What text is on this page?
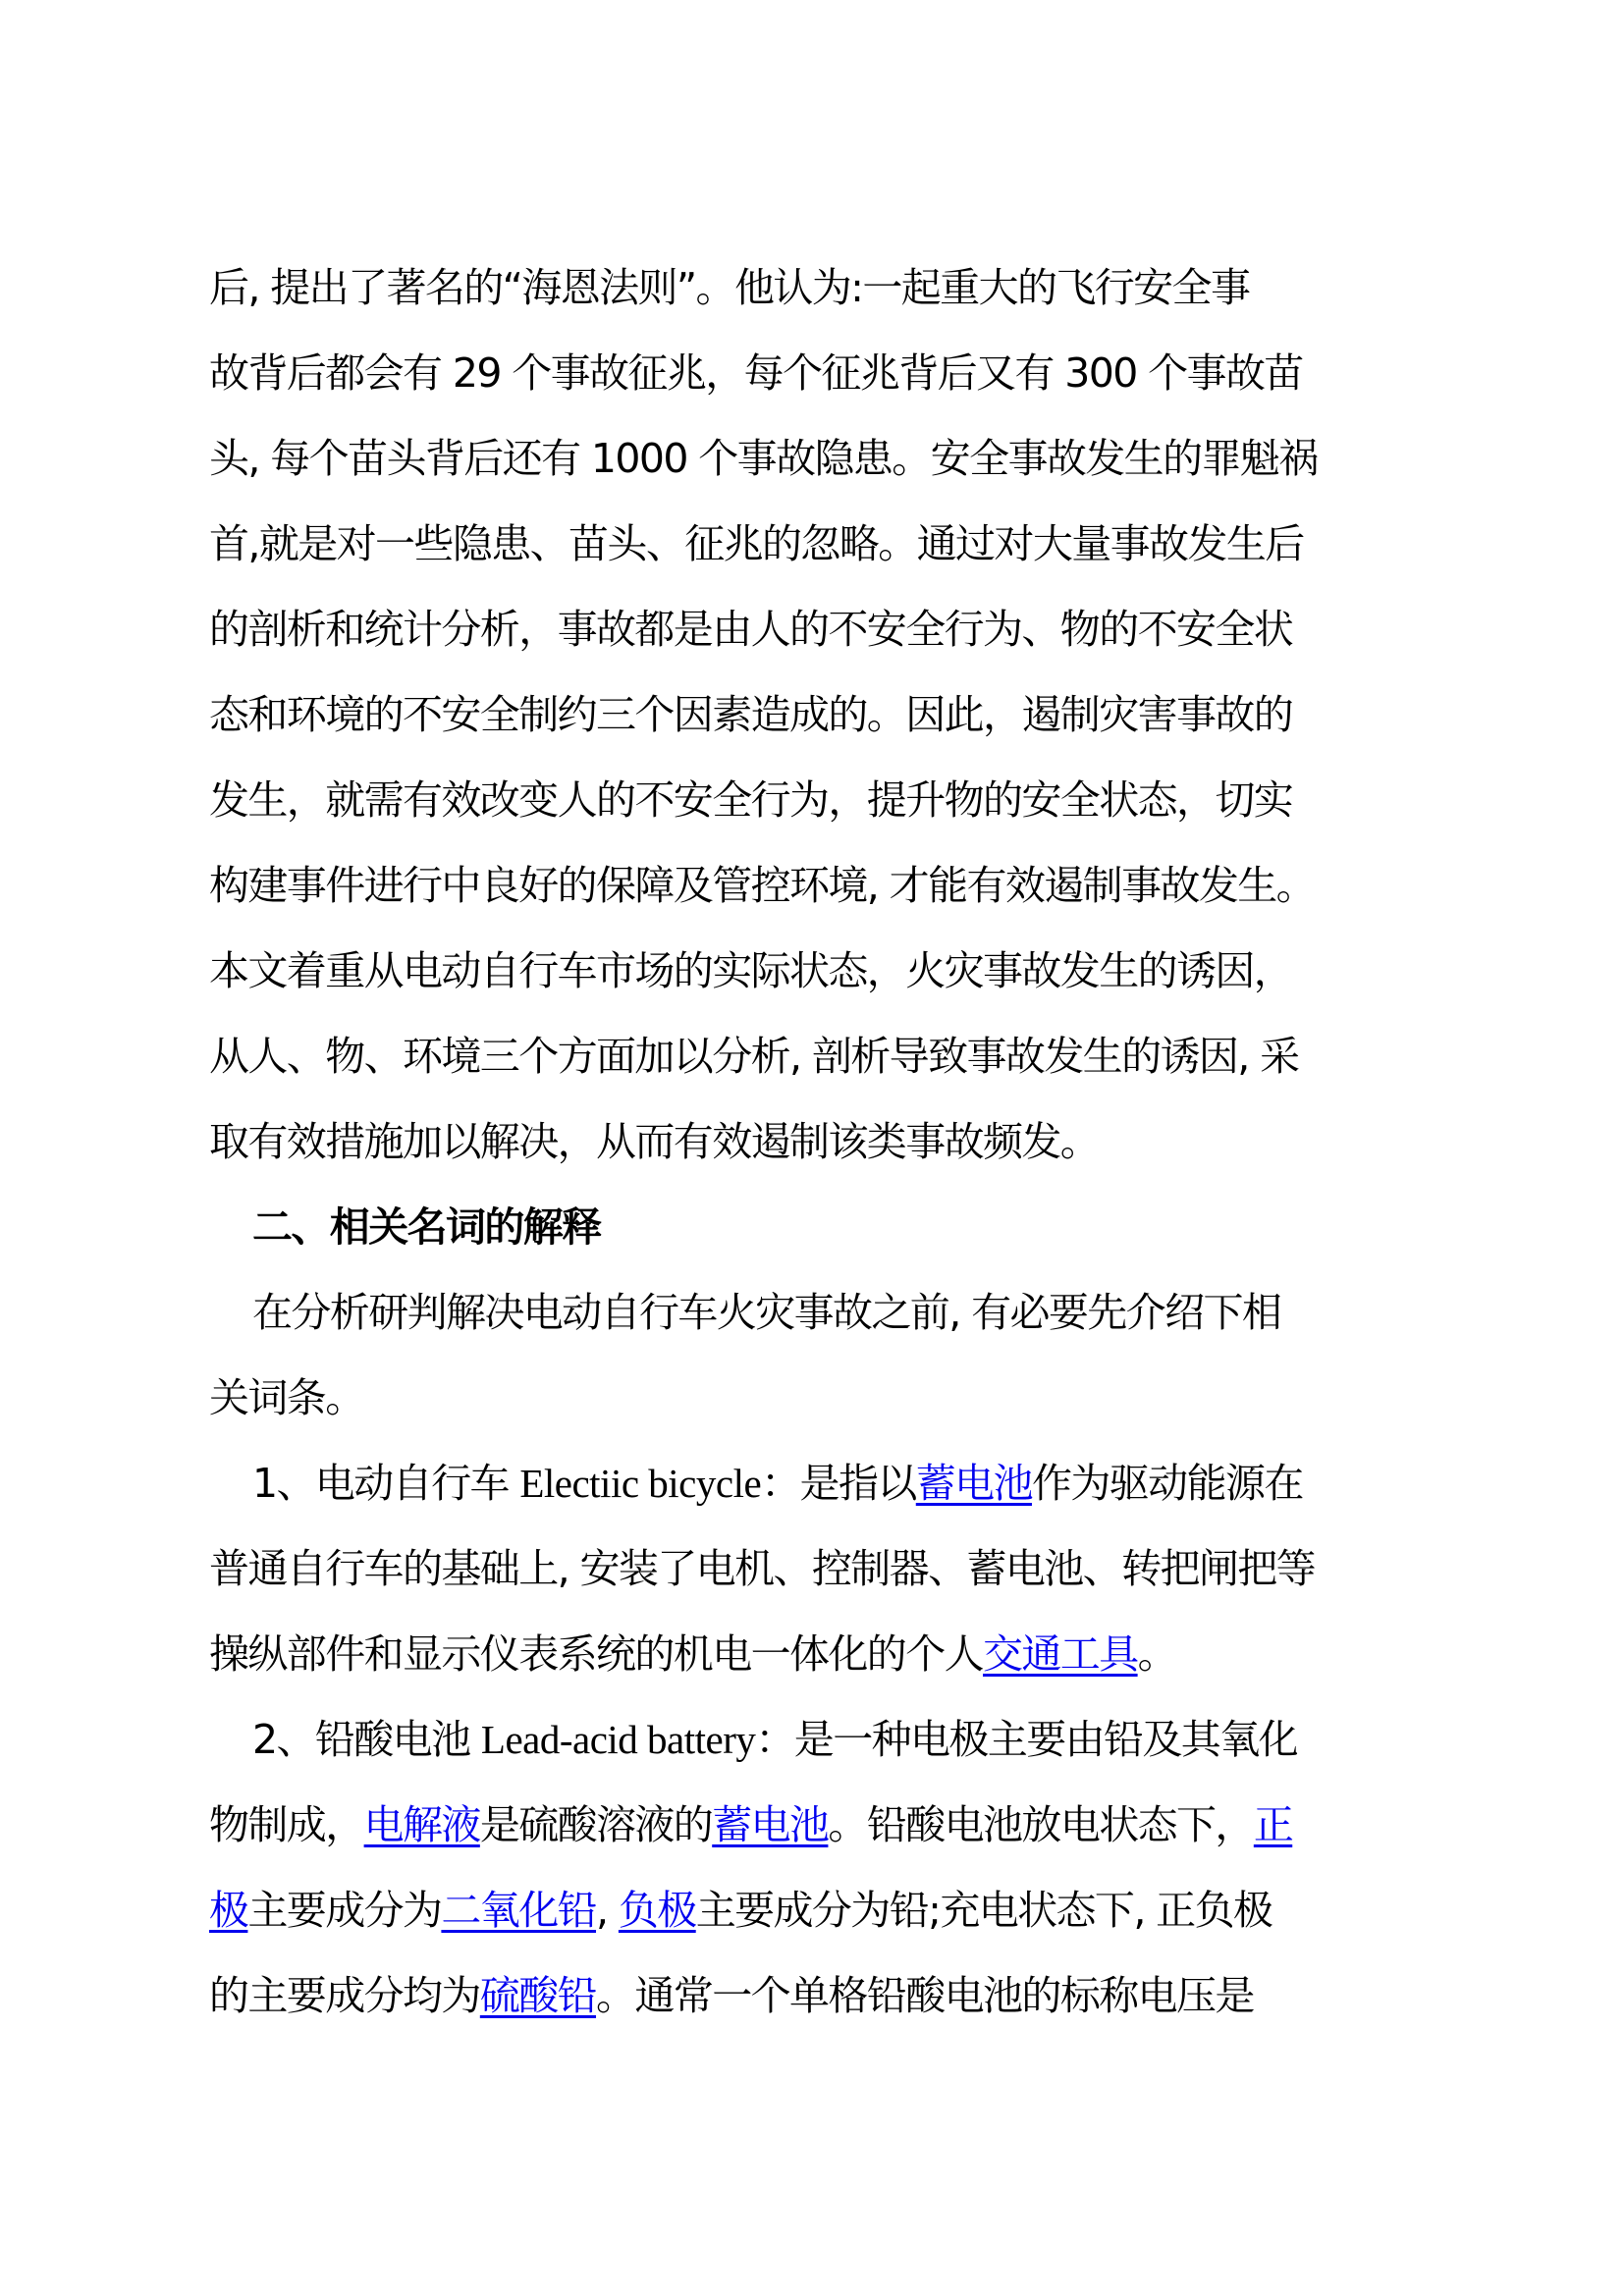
后, 提出了著名的“海恩法则”。他认为:一起重大的飞行安全事
故背后都会有 29 个事故征兆，每个征兆背后又有 300 个事故苗
头, 每个苗头背后还有 1000 个事故隐患。安全事故发生的罪魁祸
首,就是对一些隐患、苗头、征兆的忽略。通过对大量事故发生后
的剖析和统计分析，事故都是由人的不安全行为、物的不安全状
态和环境的不安全制约三个因素造成的。因此，遏制灾害事故的
发生，就需有效改变人的不安全行为，提升物的安全状态，切实
构建事件进行中良好的保障及管控环境, 才能有效遏制事故发生。
本文着重从电动自行车市场的实际状态，火灾事故发生的诱因，
从人、物、环境三个方面加以分析, 剖析导致事故发生的诱因, 采
取有效措施加以解决，从而有效遏制该类事故频发。
二、相关名词的解释
在分析研判解决电动自行车火灾事故之前, 有必要先介绍下相
关词条。
1、电动自行车 Electiic bicycle：是指以蓄电池作为驱动能源在
普通自行车的基础上, 安装了电机、控制器、蓄电池、转把闸把等
操纵部件和显示仪表系统的机电一体化的个人交通工具。
2、铅酸电池 Lead-acid battery：是一种电极主要由铅及其氧化
物制成，电解液是硫酸溶液的蓄电池。铅酸电池放电状态下，正
极主要成分为二氧化铅, 负极主要成分为铅;充电状态下, 正负极
的主要成分均为硫酸铅。通常一个单格铅酸电池的标称电压是
